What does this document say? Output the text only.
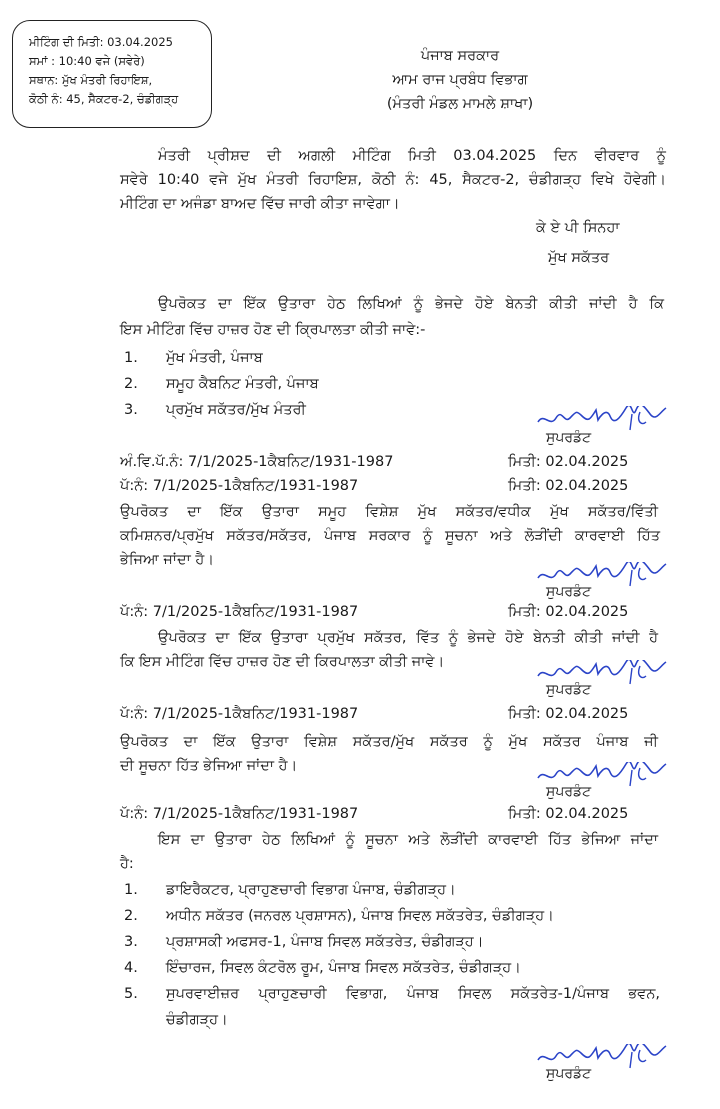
ਮੀਟਿੰਗ ਦੀ ਮਿਤੀ: 03.04.2025
ਸਮਾਂ : 10:40 ਵਜੇ (ਸਵੇਰੇ)
ਸਥਾਨ: ਮੁੱਖ ਮੰਤਰੀ ਰਿਹਾਇਸ਼,
ਕੋਠੀ ਨੰ: 45, ਸੈਕਟਰ-2, ਚੰਡੀਗੜ੍ਹ
ਪੰਜਾਬ ਸਰਕਾਰ
ਆਮ ਰਾਜ ਪ੍ਰਬੰਧ ਵਿਭਾਗ
(ਮੰਤਰੀ ਮੰਡਲ ਮਾਮਲੇ ਸ਼ਾਖਾ)
ਮੰਤਰੀ ਪ੍ਰੀਸ਼ਦ ਦੀ ਅਗਲੀ ਮੀਟਿੰਗ ਮਿਤੀ 03.04.2025 ਦਿਨ ਵੀਰਵਾਰ ਨੂੰ
ਸਵੇਰੇ 10:40 ਵਜੇ ਮੁੱਖ ਮੰਤਰੀ ਰਿਹਾਇਸ਼, ਕੋਠੀ ਨੰ: 45, ਸੈਕਟਰ-2, ਚੰਡੀਗੜ੍ਹ ਵਿਖੇ ਹੋਵੇਗੀ।
ਮੀਟਿੰਗ ਦਾ ਅਜੰਡਾ ਬਾਅਦ ਵਿੱਚ ਜਾਰੀ ਕੀਤਾ ਜਾਵੇਗਾ।
ਕੇ ਏ ਪੀ ਸਿਨਹਾ
ਮੁੱਖ ਸਕੱਤਰ
ਉਪਰੋਕਤ ਦਾ ਇੱਕ ਉਤਾਰਾ ਹੇਠ ਲਿਖਿਆਂ ਨੂੰ ਭੇਜਦੇ ਹੋਏ ਬੇਨਤੀ ਕੀਤੀ ਜਾਂਦੀ ਹੈ ਕਿ
ਇਸ ਮੀਟਿੰਗ ਵਿੱਚ ਹਾਜ਼ਰ ਹੋਣ ਦੀ ਕ੍ਰਿਪਾਲਤਾ ਕੀਤੀ ਜਾਵੇ:-
1. ਮੁੱਖ ਮੰਤਰੀ, ਪੰਜਾਬ
2. ਸਮੂਹ ਕੈਬਨਿਟ ਮੰਤਰੀ, ਪੰਜਾਬ
3. ਪ੍ਰਮੁੱਖ ਸਕੱਤਰ/ਮੁੱਖ ਮੰਤਰੀ
ਸੁਪਰਡੰਟ
ਅੰ.ਵਿ.ਪੱ.ਨੰ: 7/1/2025-1ਕੈਬਨਿਟ/1931-1987	ਮਿਤੀ: 02.04.2025
ਪੱ:ਨੰ: 7/1/2025-1ਕੈਬਨਿਟ/1931-1987	ਮਿਤੀ: 02.04.2025
ਉਪਰੋਕਤ ਦਾ ਇੱਕ ਉਤਾਰਾ ਸਮੂਹ ਵਿਸ਼ੇਸ਼ ਮੁੱਖ ਸਕੱਤਰ/ਵਧੀਕ ਮੁੱਖ ਸਕੱਤਰ/ਵਿੱਤੀ
ਕਮਿਸ਼ਨਰ/ਪ੍ਰਮੁੱਖ ਸਕੱਤਰ/ਸਕੱਤਰ, ਪੰਜਾਬ ਸਰਕਾਰ ਨੂੰ ਸੂਚਨਾ ਅਤੇ ਲੋੜੀਂਦੀ ਕਾਰਵਾਈ ਹਿੱਤ
ਭੇਜਿਆ ਜਾਂਦਾ ਹੈ।
ਸੁਪਰਡੰਟ
ਪੱ:ਨੰ: 7/1/2025-1ਕੈਬਨਿਟ/1931-1987	ਮਿਤੀ: 02.04.2025
ਉਪਰੋਕਤ ਦਾ ਇੱਕ ਉਤਾਰਾ ਪ੍ਰਮੁੱਖ ਸਕੱਤਰ, ਵਿੱਤ ਨੂੰ ਭੇਜਦੇ ਹੋਏ ਬੇਨਤੀ ਕੀਤੀ ਜਾਂਦੀ ਹੈ
ਕਿ ਇਸ ਮੀਟਿੰਗ ਵਿੱਚ ਹਾਜ਼ਰ ਹੋਣ ਦੀ ਕਿਰਪਾਲਤਾ ਕੀਤੀ ਜਾਵੇ।
ਸੁਪਰਡੰਟ
ਪੱ:ਨੰ: 7/1/2025-1ਕੈਬਨਿਟ/1931-1987	ਮਿਤੀ: 02.04.2025
ਉਪਰੋਕਤ ਦਾ ਇੱਕ ਉਤਾਰਾ ਵਿਸ਼ੇਸ਼ ਸਕੱਤਰ/ਮੁੱਖ ਸਕੱਤਰ ਨੂੰ ਮੁੱਖ ਸਕੱਤਰ ਪੰਜਾਬ ਜੀ
ਦੀ ਸੂਚਨਾ ਹਿੱਤ ਭੇਜਿਆ ਜਾਂਦਾ ਹੈ।
ਸੁਪਰਡੰਟ
ਪੱ:ਨੰ: 7/1/2025-1ਕੈਬਨਿਟ/1931-1987	ਮਿਤੀ: 02.04.2025
ਇਸ ਦਾ ਉਤਾਰਾ ਹੇਠ ਲਿਖਿਆਂ ਨੂੰ ਸੂਚਨਾ ਅਤੇ ਲੋੜੀਂਦੀ ਕਾਰਵਾਈ ਹਿੱਤ ਭੇਜਿਆ ਜਾਂਦਾ
ਹੈ:
1. ਡਾਇਰੈਕਟਰ, ਪ੍ਰਾਹੁਣਚਾਰੀ ਵਿਭਾਗ ਪੰਜਾਬ, ਚੰਡੀਗੜ੍ਹ।
2. ਅਧੀਨ ਸਕੱਤਰ (ਜਨਰਲ ਪ੍ਰਸ਼ਾਸਨ), ਪੰਜਾਬ ਸਿਵਲ ਸਕੱਤਰੇਤ, ਚੰਡੀਗੜ੍ਹ।
3. ਪ੍ਰਸ਼ਾਸਕੀ ਅਫਸਰ-1, ਪੰਜਾਬ ਸਿਵਲ ਸਕੱਤਰੇਤ, ਚੰਡੀਗੜ੍ਹ।
4. ਇੰਚਾਰਜ, ਸਿਵਲ ਕੰਟਰੋਲ ਰੂਮ, ਪੰਜਾਬ ਸਿਵਲ ਸਕੱਤਰੇਤ, ਚੰਡੀਗੜ੍ਹ।
5. ਸੁਪਰਵਾਈਜ਼ਰ ਪ੍ਰਾਹੁਣਚਾਰੀ ਵਿਭਾਗ, ਪੰਜਾਬ ਸਿਵਲ ਸਕੱਤਰੇਤ-1/ਪੰਜਾਬ ਭਵਨ,
ਚੰਡੀਗੜ੍ਹ।
ਸੁਪਰਡੰਟ
